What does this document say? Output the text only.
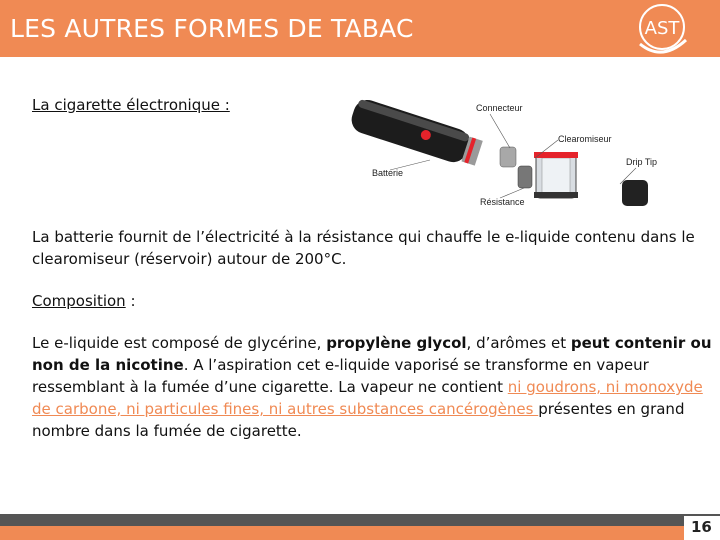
LES AUTRES FORMES DE TABAC	AST
La cigarette électronique :	Connecteur
Clearomiseur
Drip Tip
Batterie
Résistance
La batterie fournit de l’électricité à la résistance qui chauffe le e-liquide contenu dans le clearomiseur (réservoir) autour de 200°C.
Composition :
Le e-liquide est composé de glycérine, propylène glycol, d’arômes et peut contenir ou non de la nicotine. A l’aspiration cet e-liquide vaporisé se transforme en vapeur ressemblant à la fumée d’une cigarette. La vapeur ne contient ni goudrons, ni monoxyde de carbone, ni particules fines, ni autres substances cancérogènes présentes en grand nombre dans la fumée de cigarette.
16
